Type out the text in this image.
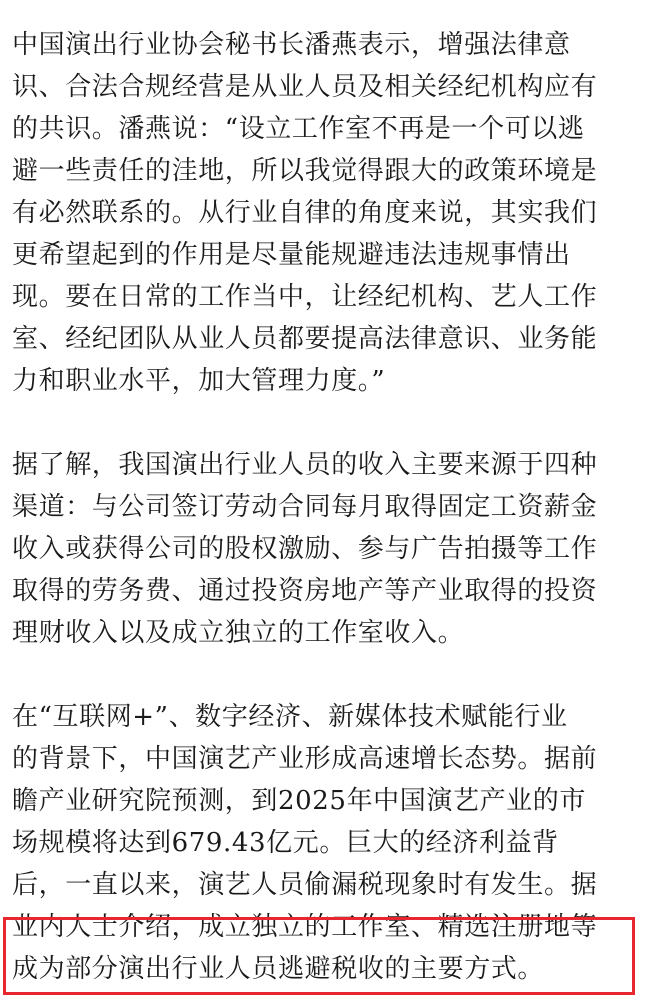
中国演出行业协会秘书长潘燕表示，增强法律意
识、合法合规经营是从业人员及相关经纪机构应有
的共识。潘燕说：“设立工作室不再是一个可以逃
避一些责任的洼地，所以我觉得跟大的政策环境是
有必然联系的。从行业自律的角度来说，其实我们
更希望起到的作用是尽量能规避违法违规事情出
现。要在日常的工作当中，让经纪机构、艺人工作
室、经纪团队从业人员都要提高法律意识、业务能
力和职业水平，加大管理力度。”
据了解，我国演出行业人员的收入主要来源于四种
渠道：与公司签订劳动合同每月取得固定工资薪金
收入或获得公司的股权激励、参与广告拍摄等工作
取得的劳务费、通过投资房地产等产业取得的投资
理财收入以及成立独立的工作室收入。
在“互联网+”、数字经济、新媒体技术赋能行业
的背景下，中国演艺产业形成高速增长态势。据前
瞻产业研究院预测，到2025年中国演艺产业的市
场规模将达到679.43亿元。巨大的经济利益背
后，一直以来，演艺人员偷漏税现象时有发生。据
业内人士介绍，成立独立的工作室、精选注册地等
成为部分演出行业人员逃避税收的主要方式。
